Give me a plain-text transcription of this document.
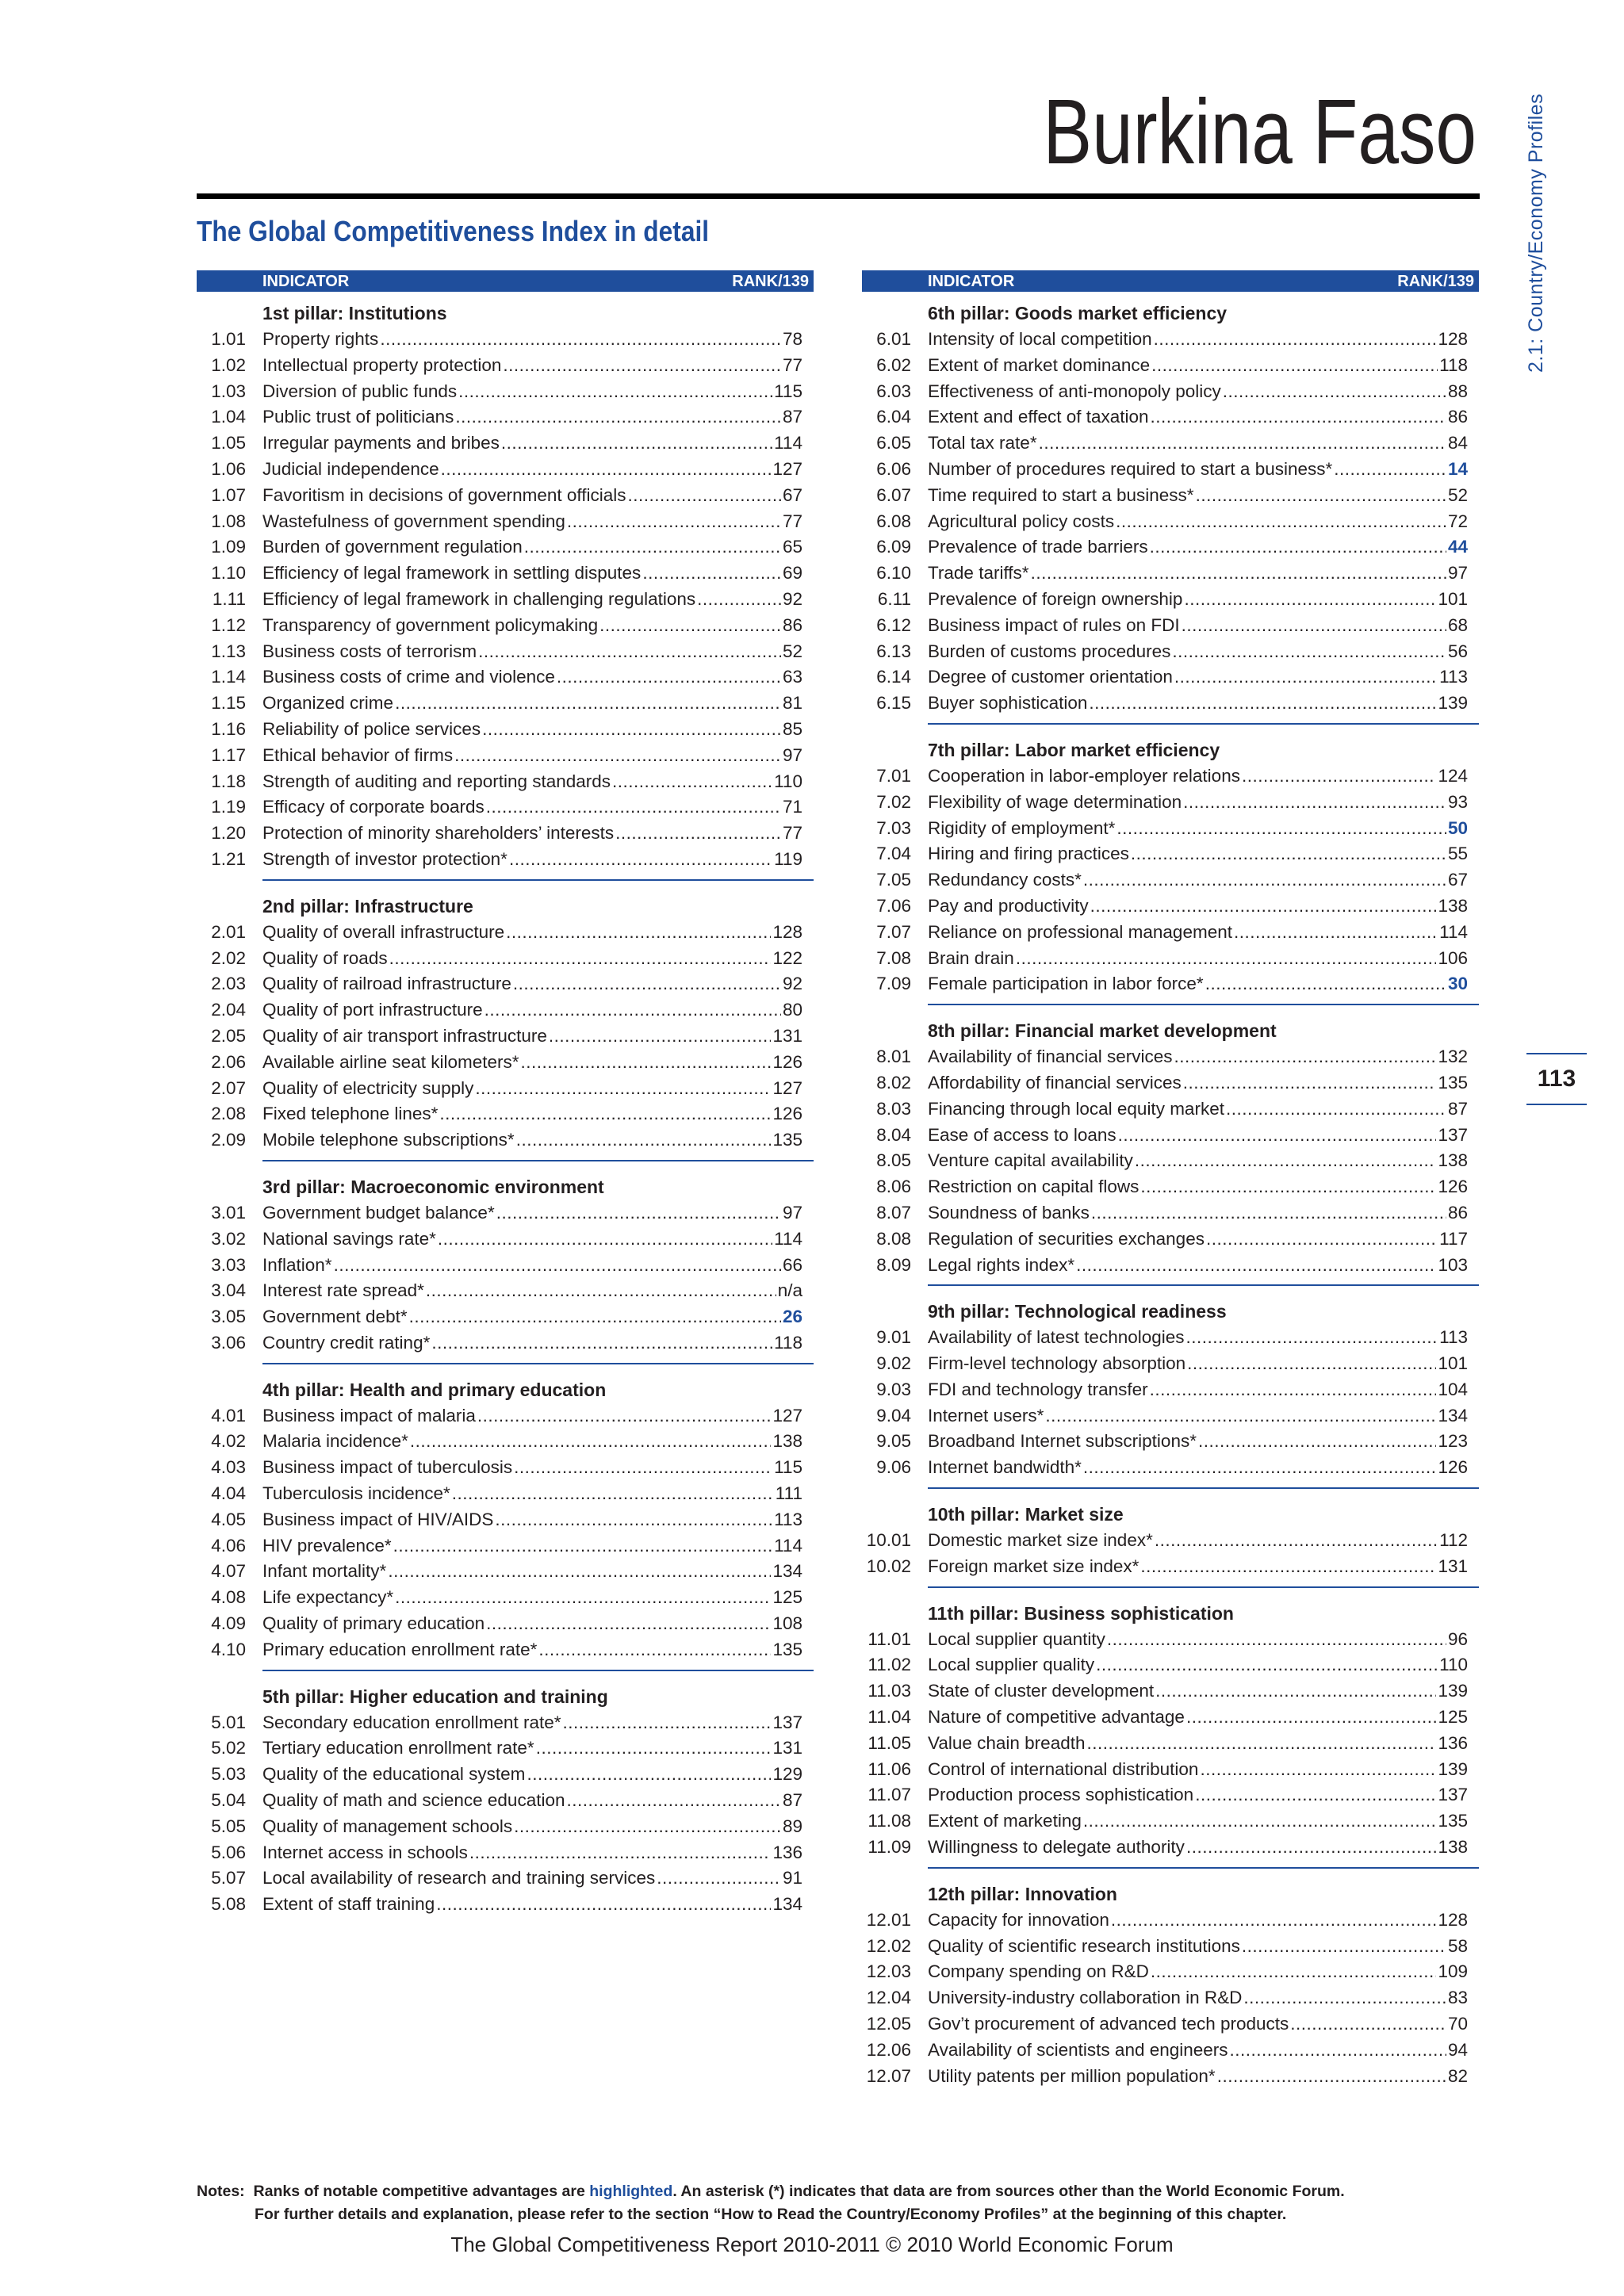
Burkina Faso
The Global Competitiveness Index in detail	2.1: Country/Economy Profiles
113
INDICATOR	RANK/139
1st pillar: Institutions
1.01 Property rights .....	78
1.02 Intellectual property protection .....	77
1.03 Diversion of public funds .....	115
1.04 Public trust of politicians .....	87
1.05 Irregular payments and bribes .....	114
1.06 Judicial independence .....	127
1.07 Favoritism in decisions of government officials .....	67
1.08 Wastefulness of government spending .....	77
1.09 Burden of government regulation .....	65
1.10 Efficiency of legal framework in settling disputes .....	69
1.11 Efficiency of legal framework in challenging regulations .....	92
1.12 Transparency of government policymaking .....	86
1.13 Business costs of terrorism .....	52
1.14 Business costs of crime and violence .....	63
1.15 Organized crime .....	81
1.16 Reliability of police services .....	85
1.17 Ethical behavior of firms .....	97
1.18 Strength of auditing and reporting standards .....	110
1.19 Efficacy of corporate boards .....	71
1.20 Protection of minority shareholders’ interests .....	77
1.21 Strength of investor protection* .....	119
2nd pillar: Infrastructure
2.01 Quality of overall infrastructure .....	128
2.02 Quality of roads .....	122
2.03 Quality of railroad infrastructure .....	92
2.04 Quality of port infrastructure .....	80
2.05 Quality of air transport infrastructure .....	131
2.06 Available airline seat kilometers* .....	126
2.07 Quality of electricity supply .....	127
2.08 Fixed telephone lines* .....	126
2.09 Mobile telephone subscriptions* .....	135
3rd pillar: Macroeconomic environment
3.01 Government budget balance* .....	97
3.02 National savings rate* .....	114
3.03 Inflation* .....	66
3.04 Interest rate spread* .....	n/a
3.05 Government debt* .....	26
3.06 Country credit rating* .....	118
4th pillar: Health and primary education
4.01 Business impact of malaria .....	127
4.02 Malaria incidence* .....	138
4.03 Business impact of tuberculosis .....	115
4.04 Tuberculosis incidence* .....	111
4.05 Business impact of HIV/AIDS .....	113
4.06 HIV prevalence* .....	114
4.07 Infant mortality* .....	134
4.08 Life expectancy* .....	125
4.09 Quality of primary education .....	108
4.10 Primary education enrollment rate* .....	135
5th pillar: Higher education and training
5.01 Secondary education enrollment rate* .....	137
5.02 Tertiary education enrollment rate* .....	131
5.03 Quality of the educational system .....	129
5.04 Quality of math and science education .....	87
5.05 Quality of management schools .....	89
5.06 Internet access in schools .....	136
5.07 Local availability of research and training services .....	91
5.08 Extent of staff training .....	134
INDICATOR	RANK/139
6th pillar: Goods market efficiency
6.01 Intensity of local competition .....	128
6.02 Extent of market dominance .....	118
6.03 Effectiveness of anti-monopoly policy .....	88
6.04 Extent and effect of taxation .....	86
6.05 Total tax rate* .....	84
6.06 Number of procedures required to start a business* .....	14
6.07 Time required to start a business* .....	52
6.08 Agricultural policy costs .....	72
6.09 Prevalence of trade barriers .....	44
6.10 Trade tariffs* .....	97
6.11 Prevalence of foreign ownership .....	101
6.12 Business impact of rules on FDI .....	68
6.13 Burden of customs procedures .....	56
6.14 Degree of customer orientation .....	113
6.15 Buyer sophistication .....	139
7th pillar: Labor market efficiency
7.01 Cooperation in labor-employer relations .....	124
7.02 Flexibility of wage determination .....	93
7.03 Rigidity of employment* .....	50
7.04 Hiring and firing practices .....	55
7.05 Redundancy costs* .....	67
7.06 Pay and productivity .....	138
7.07 Reliance on professional management .....	114
7.08 Brain drain .....	106
7.09 Female participation in labor force* .....	30
8th pillar: Financial market development
8.01 Availability of financial services .....	132
8.02 Affordability of financial services .....	135
8.03 Financing through local equity market .....	87
8.04 Ease of access to loans .....	137
8.05 Venture capital availability .....	138
8.06 Restriction on capital flows .....	126
8.07 Soundness of banks .....	86
8.08 Regulation of securities exchanges .....	117
8.09 Legal rights index* .....	103
9th pillar: Technological readiness
9.01 Availability of latest technologies .....	113
9.02 Firm-level technology absorption .....	101
9.03 FDI and technology transfer .....	104
9.04 Internet users* .....	134
9.05 Broadband Internet subscriptions* .....	123
9.06 Internet bandwidth* .....	126
10th pillar: Market size
10.01 Domestic market size index* .....	112
10.02 Foreign market size index* .....	131
11th pillar: Business sophistication
11.01 Local supplier quantity .....	96
11.02 Local supplier quality .....	110
11.03 State of cluster development .....	139
11.04 Nature of competitive advantage .....	125
11.05 Value chain breadth .....	136
11.06 Control of international distribution .....	139
11.07 Production process sophistication .....	137
11.08 Extent of marketing .....	135
11.09 Willingness to delegate authority .....	138
12th pillar: Innovation
12.01 Capacity for innovation .....	128
12.02 Quality of scientific research institutions .....	58
12.03 Company spending on R&D .....	109
12.04 University-industry collaboration in R&D .....	83
12.05 Gov’t procurement of advanced tech products .....	70
12.06 Availability of scientists and engineers .....	94
12.07 Utility patents per million population* .....	82
Notes: Ranks of notable competitive advantages are highlighted. An asterisk (*) indicates that data are from sources other than the World Economic Forum.
For further details and explanation, please refer to the section “How to Read the Country/Economy Profiles” at the beginning of this chapter.
The Global Competitiveness Report 2010-2011 © 2010 World Economic Forum
